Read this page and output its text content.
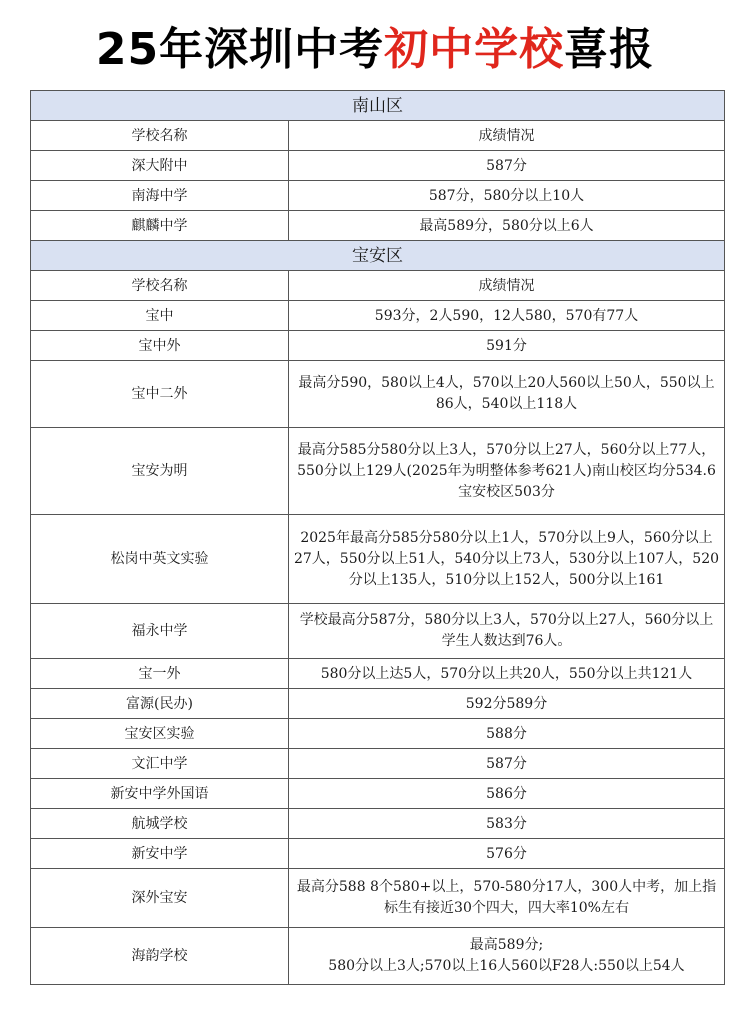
25年深圳中考初中学校喜报
南山区	
学校名称	成绩情况
深大附中	587分
南海中学	587分，580分以上10人
麒麟中学	最高589分，580分以上6人
宝安区	
学校名称	成绩情况
宝中	593分，2人590，12人580，570有77人
宝中外	591分
宝中二外	最高分590，580以上4人，570以上20人560以上50人，550以上86人，540以上118人
宝安为明	最高分585分580分以上3人，570分以上27人，560分以上77人，550分以上129人(2025年为明整体参考621人)南山校区均分534.6 宝安校区503分
松岗中英文实验	2025年最高分585分580分以上1人，570分以上9人，560分以上27人，550分以上51人，540分以上73人，530分以上107人，520分以上135人，510分以上152人，500分以上161
福永中学	学校最高分587分，580分以上3人，570分以上27人，560分以上学生人数达到76人。
宝一外	580分以上达5人，570分以上共20人，550分以上共121人
富源(民办)	592分589分
宝安区实验	588分
文汇中学	587分
新安中学外国语	586分
航城学校	583分
新安中学	576分
深外宝安	最高分588 8个580+以上，570-580分17人，300人中考，加上指标生有接近30个四大，四大率10%左右
海韵学校	最高589分;
580分以上3人;570以上16人560以F28人:550以上54人
